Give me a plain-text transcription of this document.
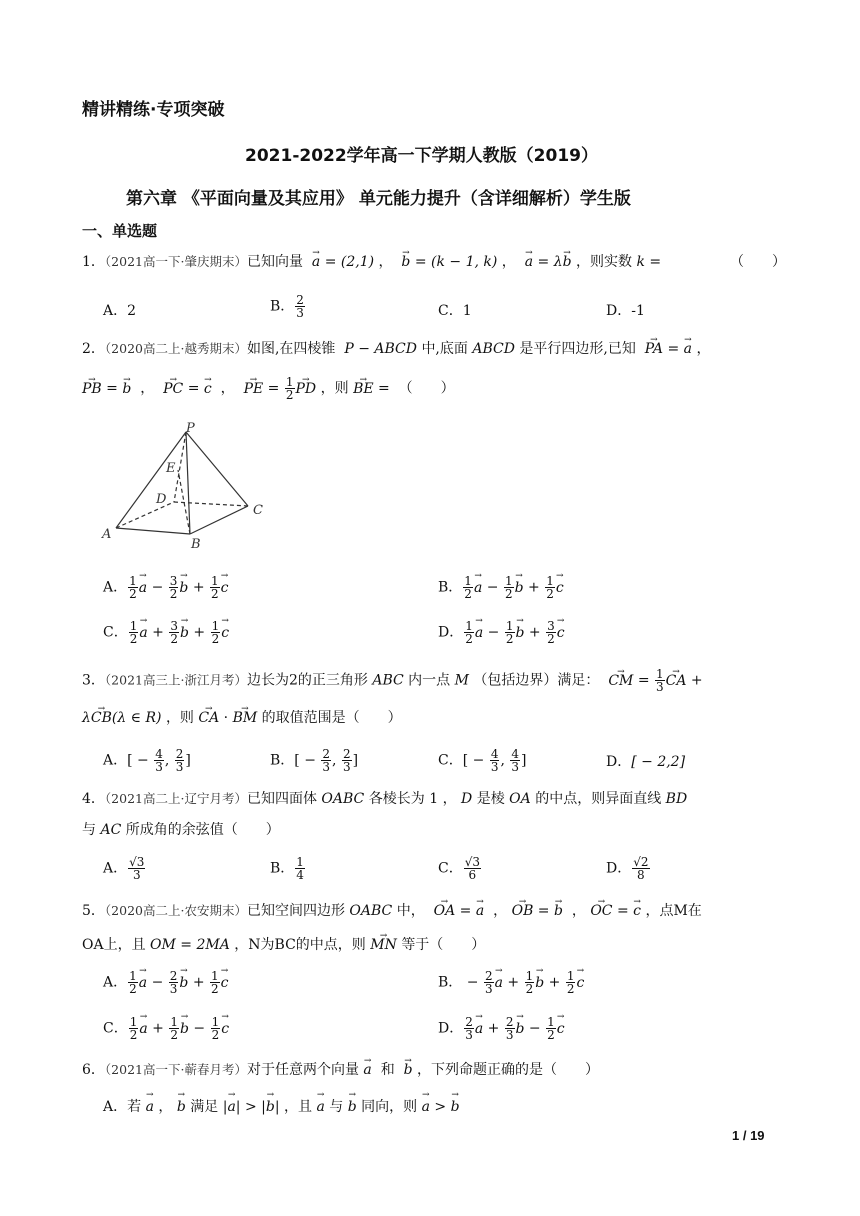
精讲精练·专项突破
2021-2022学年高一下学期人教版（2019）
第六章 《平面向量及其应用》 单元能力提升（含详细解析）学生版
一、单选题
1．（2021高一下·肇庆期末）已知向量  → a = (2,1) ，  → b = (k − 1, k) ，  → a = λ→ b ，则实数 k =	（　　）
A．2	B． $\frac{2}{3}$	C．1	D．-1
2．（2020高二上·越秀期末）如图,在四棱锥 P − ABCD 中,底面 ABCD 是平行四边形,已知  → PA = → a ，
→ PB = → b  ，  → PC = → c  ，  → PE = $\frac{1}{2}$
→ PD ，则 → BE =  （　　）
P
E
D
C
A
B
A． $\frac{1}{2}$
→ $a - \frac{3}{2}$
→ $b + \frac{1}{2}$
→ c	B． $\frac{1}{2}$
→ $a - \frac{1}{2}$
→ $b + \frac{1}{2}$
→ c
C． $\frac{1}{2}$
→ $a + \frac{3}{2}$
→ $b + \frac{1}{2}$
→ c	D． $\frac{1}{2}$
→ $a - \frac{1}{2}$
→ $b + \frac{3}{2}$
→ c
3．（2021高三上·浙江月考）边长为2的正三角形 ABC 内一点 M （包括边界）满足：  → CM = $\frac{1}{3}$
→ CA +
λ→ CB(λ ∈ R) ，则 → CA · → BM 的取值范围是（　　）
A．[ − $\frac{4}{3}$ , $\frac{2}{3}$ ]	B．[ − $\frac{2}{3}$ , $\frac{2}{3}$ ]	C．[ − $\frac{4}{3}$ , $\frac{4}{3}$ ]	D．[ − 2,2]
4．（2021高二上·辽宁月考）已知四面体 OABC 各棱长为 1 ， D 是棱 OA 的中点，则异面直线 BD
与 AC 所成角的余弦值（　　）
A． $\frac{√3}{3}$	B． $\frac{1}{4}$	C． $\frac{√3}{6}$	D． $\frac{√2}{8}$
5．（2020高二上·农安期末）已知空间四边形 OABC 中，  → OA = → a  ， → OB = → b  ， → OC = → c ，点M在
OA上，且 OM = 2MA ，N为BC的中点，则 → MN 等于（　　）
A． $\frac{1}{2}$
→ $a - \frac{2}{3}$
→ $b + \frac{1}{2}$
→ c	B． − $\frac{2}{3}$
→ $a + \frac{1}{2}$
→ $b + \frac{1}{2}$
→ c
C． $\frac{1}{2}$
→ $a + \frac{1}{2}$
→ $b - \frac{1}{2}$
→ c	D． $\frac{2}{3}$
→ $a + \frac{2}{3}$
→ $b - \frac{1}{2}$
→ c
6．（2021高一下·蕲春月考）对于任意两个向量 → a 和  → b ，下列命题正确的是（　　）
A．若 → a ， → b 满足 |→ a| > |→ b| ，且 → a 与 → b 同向，则 → a > → b
1 / 19
